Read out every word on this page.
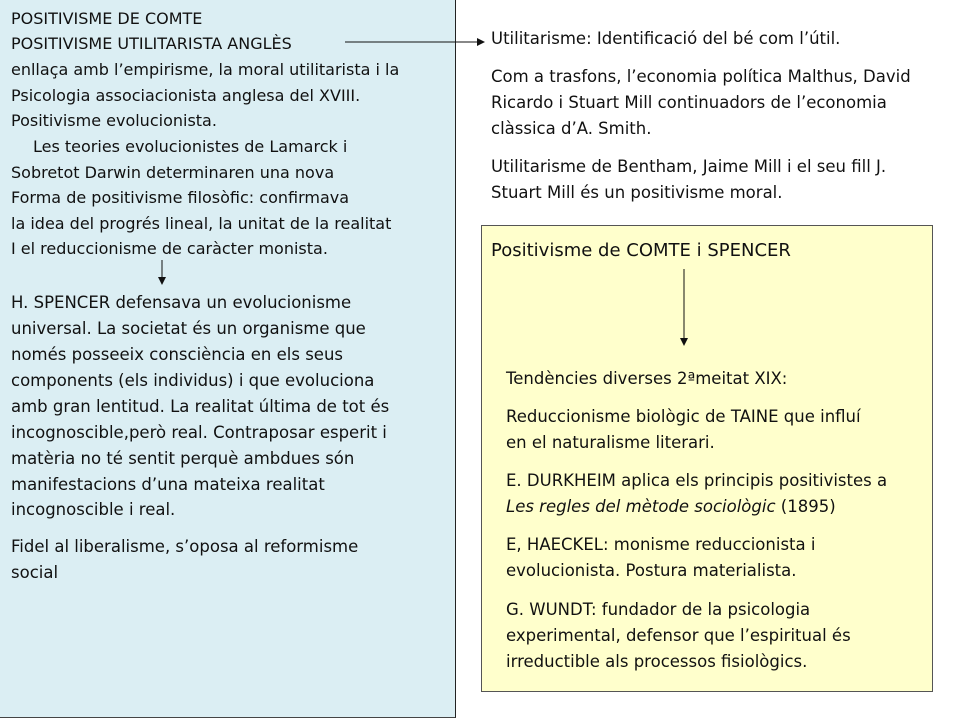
POSITIVISME DE COMTE
POSITIVISME UTILITARISTA ANGLÈS
enllaça amb l’empirisme, la moral utilitarista i la
Psicologia associacionista anglesa del XVIII.
Positivisme evolucionista.
Les teories evolucionistes de Lamarck i
Sobretot Darwin determinaren una nova
Forma de positivisme filosòfic: confirmava
la idea del progrés lineal, la unitat de la realitat
I el reduccionisme de caràcter monista.
H. SPENCER defensava un evolucionisme
universal. La societat és un organisme que
només posseeix consciència en els seus
components (els individus) i que evoluciona
amb gran lentitud. La realitat última de tot és
incognoscible,però real. Contraposar esperit i
matèria no té sentit perquè ambdues són
manifestacions d’una mateixa realitat
incognoscible i real.
Fidel al liberalisme, s’oposa al reformisme
social
Utilitarisme: Identificació del bé com l’útil.
Com a trasfons, l’economia política Malthus, David
Ricardo i Stuart Mill continuadors de l’economia
clàssica d’A. Smith.
Utilitarisme de Bentham, Jaime Mill i el seu fill J.
Stuart Mill és un positivisme moral.
Positivisme de COMTE i SPENCER
Tendències diverses 2ªmeitat XIX:
Reduccionisme biològic de TAINE que influí
en el naturalisme literari.
E. DURKHEIM aplica els principis positivistes a
Les regles del mètode sociològic (1895)
E, HAECKEL: monisme reduccionista i
evolucionista. Postura materialista.
G. WUNDT: fundador de la psicologia
experimental, defensor que l’espiritual és
irreductible als processos fisiològics.
